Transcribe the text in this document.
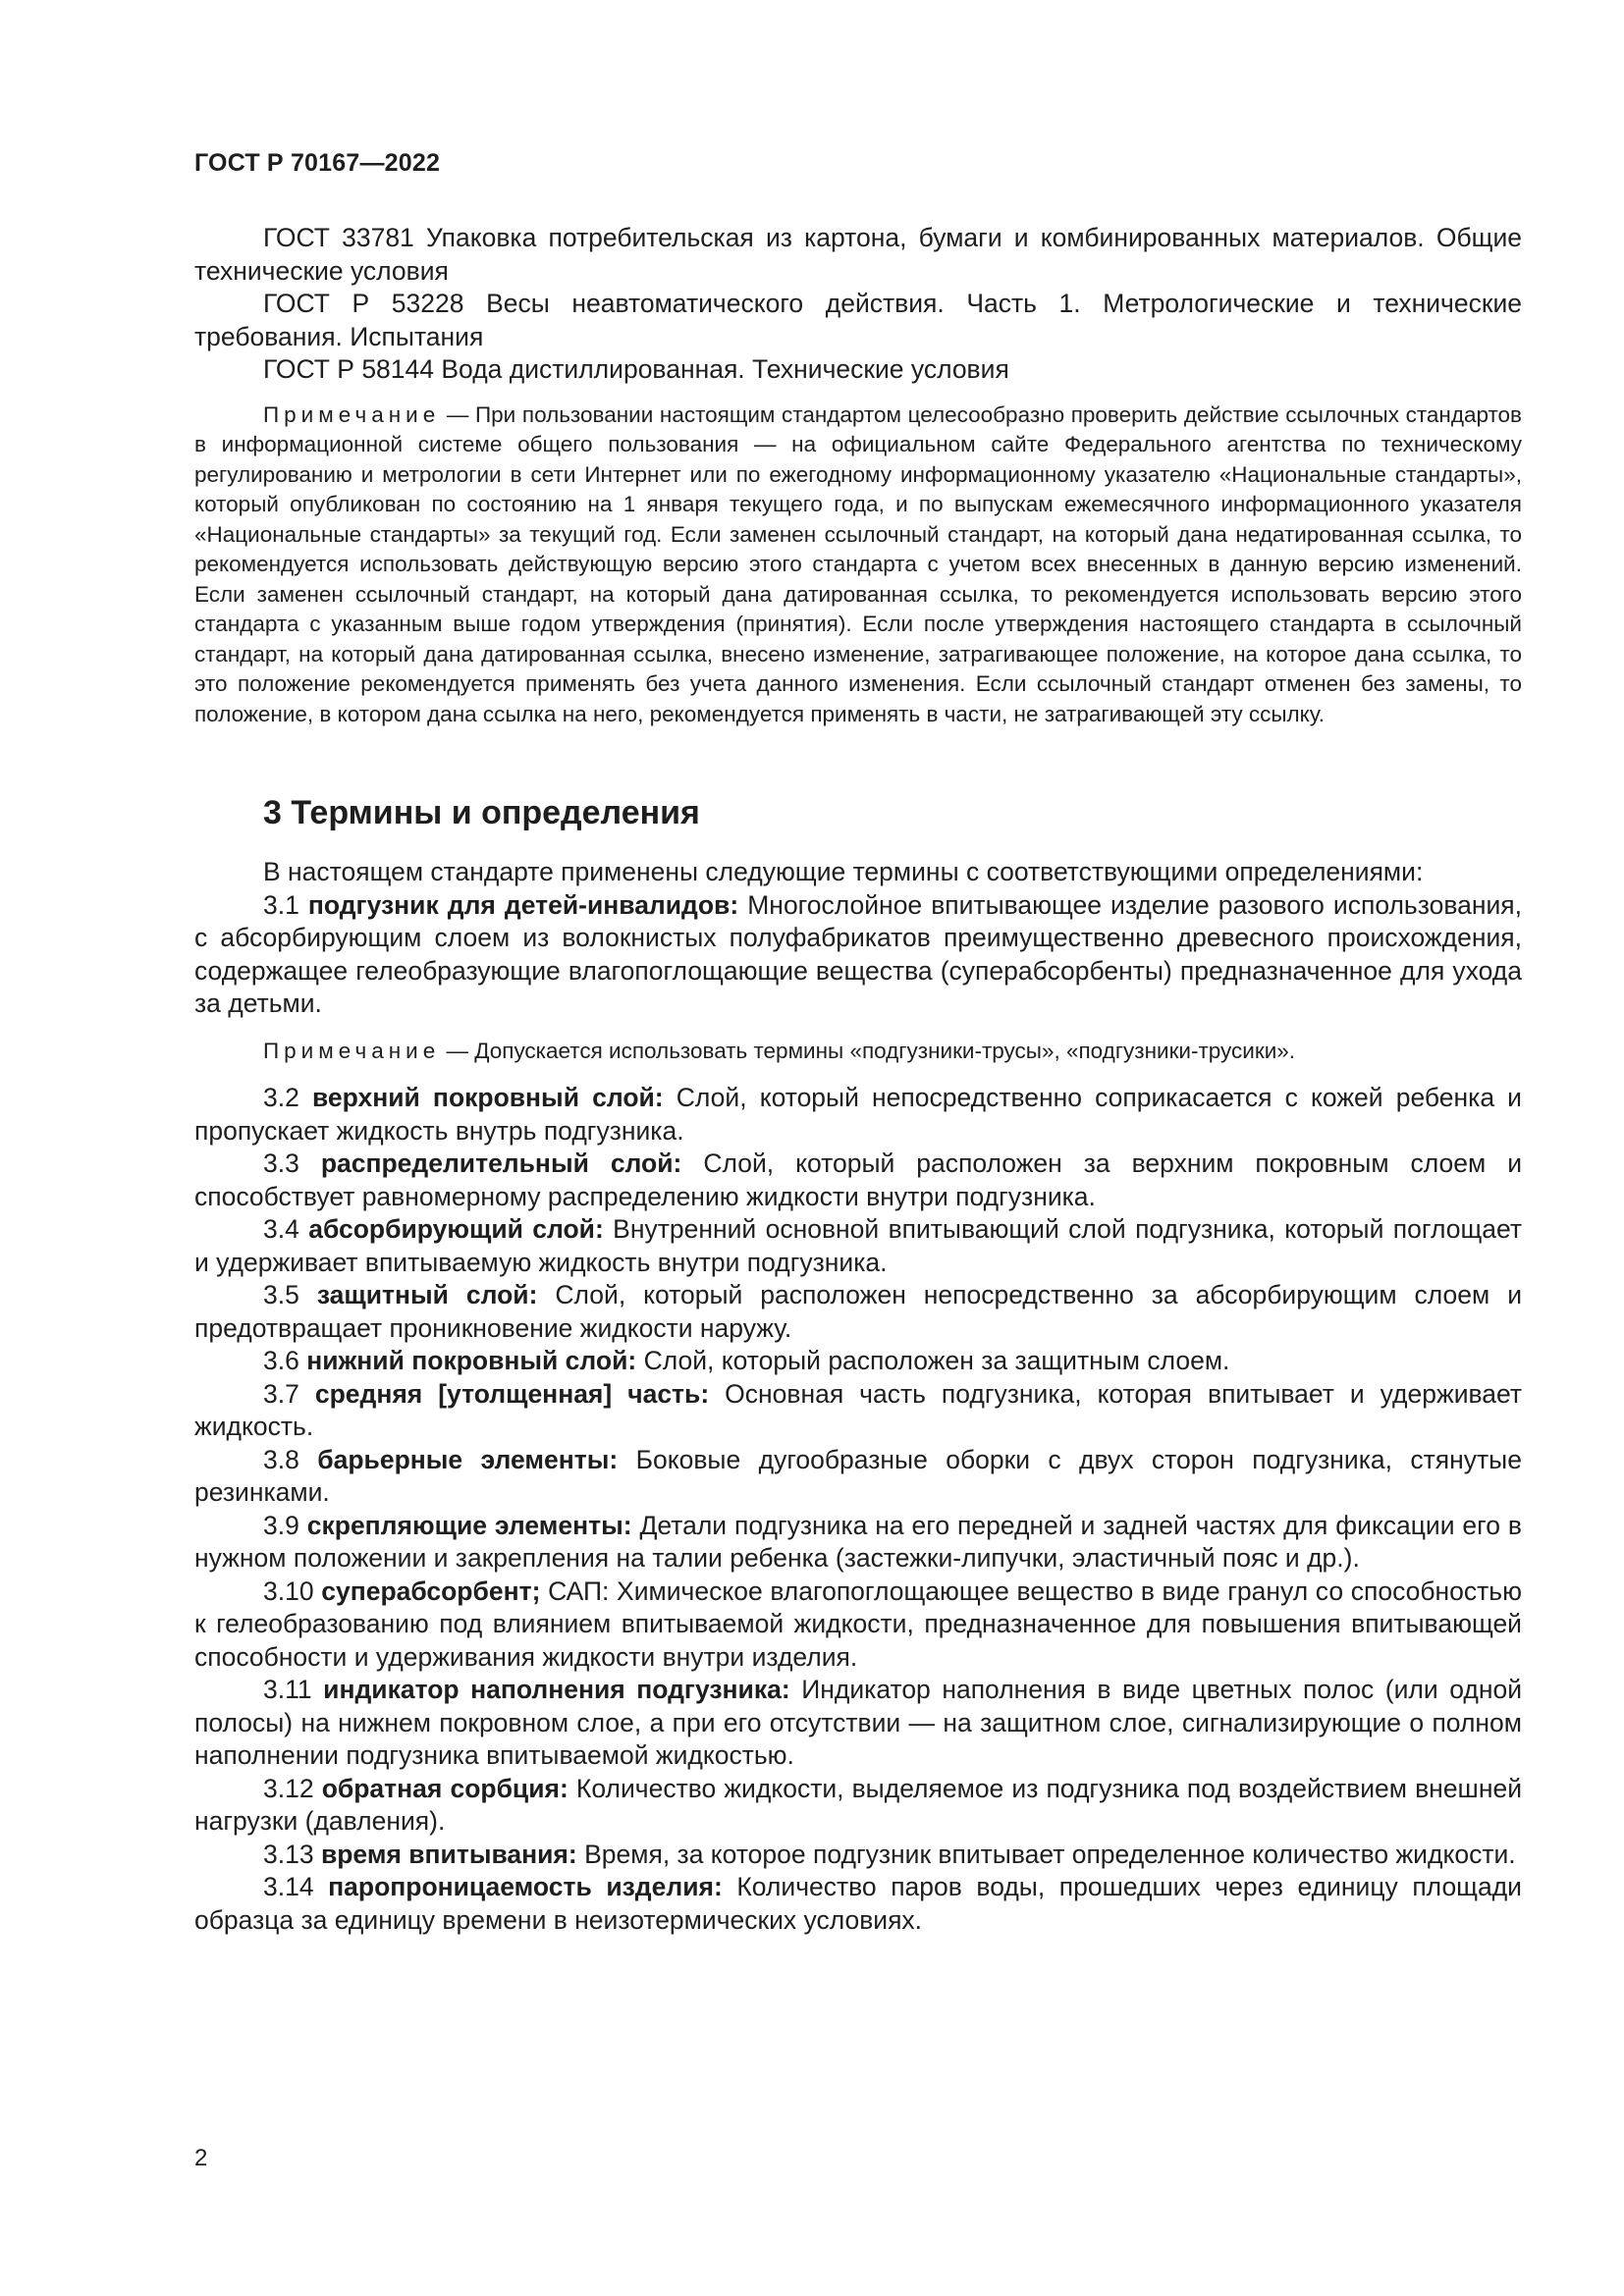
ГОСТ Р 70167—2022

ГОСТ 33781 Упаковка потребительская из картона, бумаги и комбинированных материалов. Общие технические условия

ГОСТ Р 53228 Весы неавтоматического действия. Часть 1. Метрологические и технические требования. Испытания

ГОСТ Р 58144 Вода дистиллированная. Технические условия

Примечание — При пользовании настоящим стандартом целесообразно проверить действие ссылочных стандартов в информационной системе общего пользования — на официальном сайте Федерального агентства по техническому регулированию и метрологии в сети Интернет или по ежегодному информационному указателю «Национальные стандарты», который опубликован по состоянию на 1 января текущего года, и по выпускам ежемесячного информационного указателя «Национальные стандарты» за текущий год. Если заменен ссылочный стандарт, на который дана недатированная ссылка, то рекомендуется использовать действующую версию этого стандарта с учетом всех внесенных в данную версию изменений. Если заменен ссылочный стандарт, на который дана датированная ссылка, то рекомендуется использовать версию этого стандарта с указанным выше годом утверждения (принятия). Если после утверждения настоящего стандарта в ссылочный стандарт, на который дана датированная ссылка, внесено изменение, затрагивающее положение, на которое дана ссылка, то это положение рекомендуется применять без учета данного изменения. Если ссылочный стандарт отменен без замены, то положение, в котором дана ссылка на него, рекомендуется применять в части, не затрагивающей эту ссылку.

3 Термины и определения

В настоящем стандарте применены следующие термины с соответствующими определениями:

3.1 подгузник для детей-инвалидов: Многослойное впитывающее изделие разового использования, с абсорбирующим слоем из волокнистых полуфабрикатов преимущественно древесного происхождения, содержащее гелеобразующие влагопоглощающие вещества (суперабсорбенты) предназначенное для ухода за детьми.

Примечание — Допускается использовать термины «подгузники-трусы», «подгузники-трусики».

3.2 верхний покровный слой: Слой, который непосредственно соприкасается с кожей ребенка и пропускает жидкость внутрь подгузника.

3.3 распределительный слой: Слой, который расположен за верхним покровным слоем и способствует равномерному распределению жидкости внутри подгузника.

3.4 абсорбирующий слой: Внутренний основной впитывающий слой подгузника, который поглощает и удерживает впитываемую жидкость внутри подгузника.

3.5 защитный слой: Слой, который расположен непосредственно за абсорбирующим слоем и предотвращает проникновение жидкости наружу.

3.6 нижний покровный слой: Слой, который расположен за защитным слоем.

3.7 средняя [утолщенная] часть: Основная часть подгузника, которая впитывает и удерживает жидкость.

3.8 барьерные элементы: Боковые дугообразные оборки с двух сторон подгузника, стянутые резинками.

3.9 скрепляющие элементы: Детали подгузника на его передней и задней частях для фиксации его в нужном положении и закрепления на талии ребенка (застежки-липучки, эластичный пояс и др.).

3.10 суперабсорбент; САП: Химическое влагопоглощающее вещество в виде гранул со способностью к гелеобразованию под влиянием впитываемой жидкости, предназначенное для повышения впитывающей способности и удерживания жидкости внутри изделия.

3.11 индикатор наполнения подгузника: Индикатор наполнения в виде цветных полос (или одной полосы) на нижнем покровном слое, а при его отсутствии — на защитном слое, сигнализирующие о полном наполнении подгузника впитываемой жидкостью.

3.12 обратная сорбция: Количество жидкости, выделяемое из подгузника под воздействием внешней нагрузки (давления).

3.13 время впитывания: Время, за которое подгузник впитывает определенное количество жидкости.

3.14 паропроницаемость изделия: Количество паров воды, прошедших через единицу площади образца за единицу времени в неизотермических условиях.

2
